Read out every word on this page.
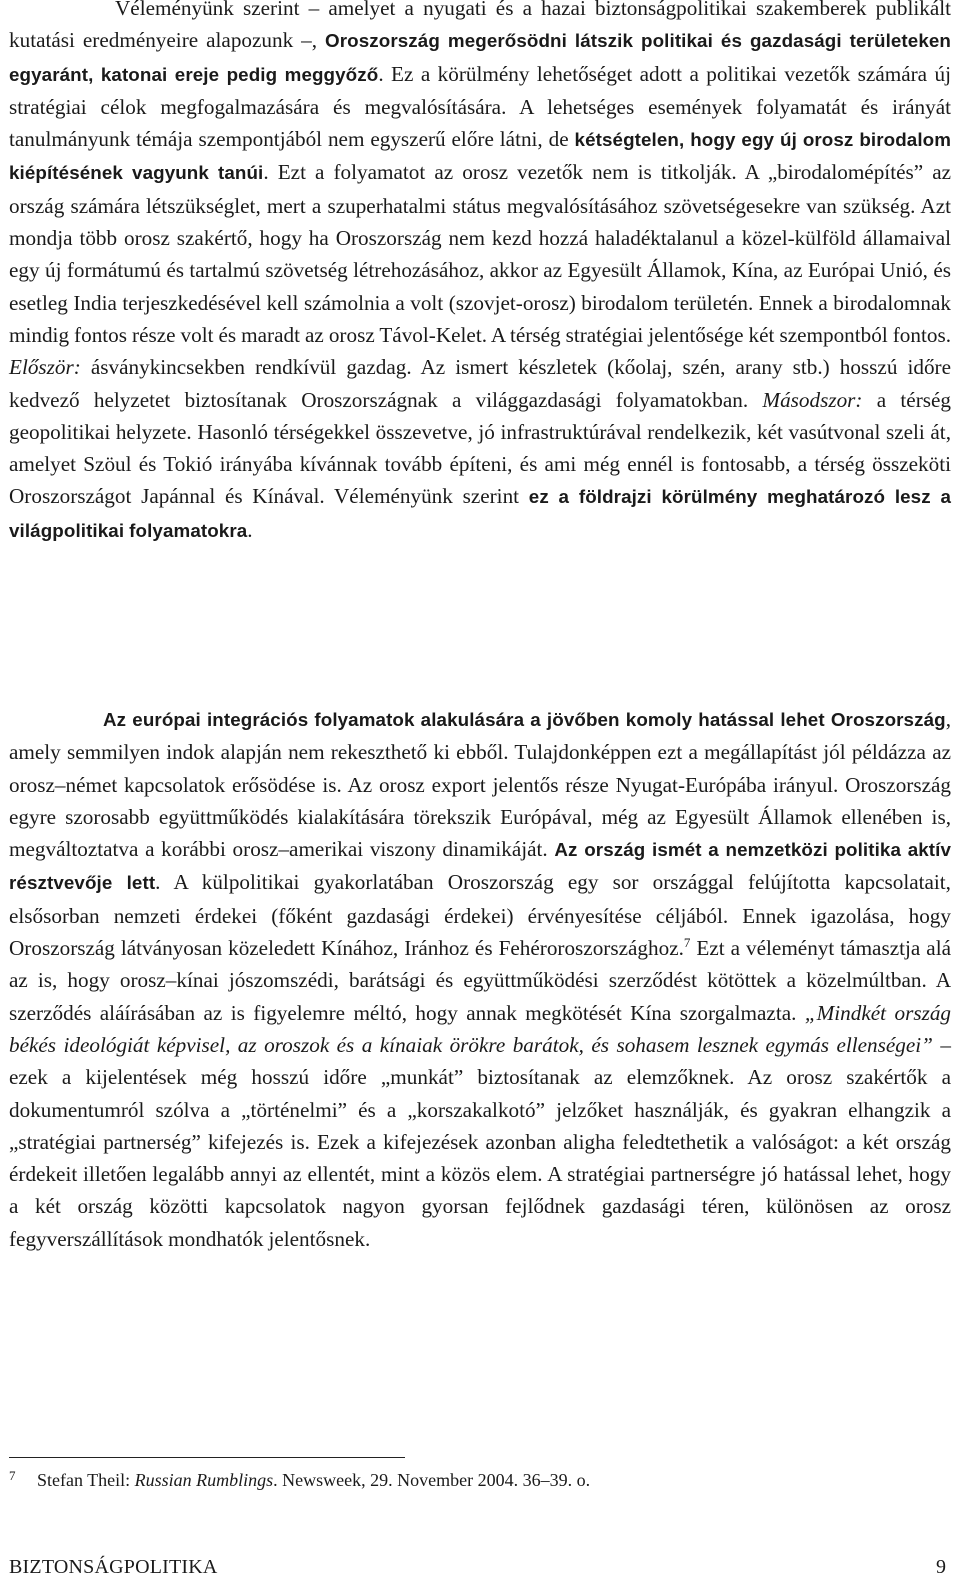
Véleményünk szerint – amelyet a nyugati és a hazai biztonságpolitikai szakemberek publikált kutatási eredményeire alapozunk –, Oroszország megerősödni látszik politikai és gazdasági területeken egyaránt, katonai ereje pedig meggyőző. Ez a körülmény lehetőséget adott a politikai vezetők számára új stratégiai célok megfogalmazására és megvalósítására. A lehetséges események folyamatát és irányát tanulmányunk témája szempontjából nem egyszerű előre látni, de kétségtelen, hogy egy új orosz birodalom kiépítésének vagyunk tanúi. Ezt a folyamatot az orosz vezetők nem is titkolják. A „birodalomépítés” az ország számára létszükséglet, mert a szuperhatalmi státus megvalósításához szövetségesekre van szükség. Azt mondja több orosz szakértő, hogy ha Oroszország nem kezd hozzá haladéktalanul a közel-külföld államaival egy új formátumú és tartalmú szövetség létrehozásához, akkor az Egyesült Államok, Kína, az Európai Unió, és esetleg India terjeszkedésével kell számolnia a volt (szovjet-orosz) birodalom területén. Ennek a birodalomnak mindig fontos része volt és maradt az orosz Távol-Kelet. A térség stratégiai jelentősége két szempontból fontos. Először: ásványkincsekben rendkívül gazdag. Az ismert készletek (kőolaj, szén, arany stb.) hosszú időre kedvező helyzetet biztosítanak Oroszországnak a világgazdasági folyamatokban. Másodszor: a térség geopolitikai helyzete. Hasonló térségekkel összevetve, jó infrastruktúrával rendelkezik, két vasútvonal szeli át, amelyet Szöul és Tokió irányába kívánnak tovább építeni, és ami még ennél is fontosabb, a térség összeköti Oroszországot Japánnal és Kínával. Véleményünk szerint ez a földrajzi körülmény meghatározó lesz a világpolitikai folyamatokra.

Az európai integrációs folyamatok alakulására a jövőben komoly hatással lehet Oroszország, amely semmilyen indok alapján nem rekeszthető ki ebből. Tulajdonképpen ezt a megállapítást jól példázza az orosz–német kapcsolatok erősödése is. Az orosz export jelentős része Nyugat-Európába irányul. Oroszország egyre szorosabb együttműködés kialakítására törekszik Európával, még az Egyesült Államok ellenében is, megváltoztatva a korábbi orosz–amerikai viszony dinamikáját. Az ország ismét a nemzetközi politika aktív résztvevője lett. A külpolitikai gyakorlatában Oroszország egy sor országgal felújította kapcsolatait, elsősorban nemzeti érdekei (főként gazdasági érdekei) érvényesítése céljából. Ennek igazolása, hogy Oroszország látványosan közeledett Kínához, Iránhoz és Fehéroroszországhoz.$^7$ Ezt a véleményt támasztja alá az is, hogy orosz–kínai jószomszédi, barátsági és együttműködési szerződést kötöttek a közelmúltban. A szerződés aláírásában az is figyelemre méltó, hogy annak megkötését Kína szorgalmazta. „Mindkét ország békés ideológiát képvisel, az oroszok és a kínaiak örökre barátok, és sohasem lesznek egymás ellenségei” – ezek a kijelentések még hosszú időre „munkát” biztosítanak az elemzőknek. Az orosz szakértők a dokumentumról szólva a „történelmi” és a „korszakalkotó” jelzőket használják, és gyakran elhangzik a „stratégiai partnerség” kifejezés is. Ezek a kifejezések azonban aligha feledtethetik a valóságot: a két ország érdekeit illetően legalább annyi az ellentét, mint a közös elem. A stratégiai partnerségre jó hatással lehet, hogy a két ország közötti kapcsolatok nagyon gyorsan fejlődnek gazdasági téren, különösen az orosz fegyverszállítások mondhatók jelentősnek.

7 Stefan Theil: Russian Rumblings. Newsweek, 29. November 2004. 36–39. o.

BIZTONSÁGPOLITIKA	9
